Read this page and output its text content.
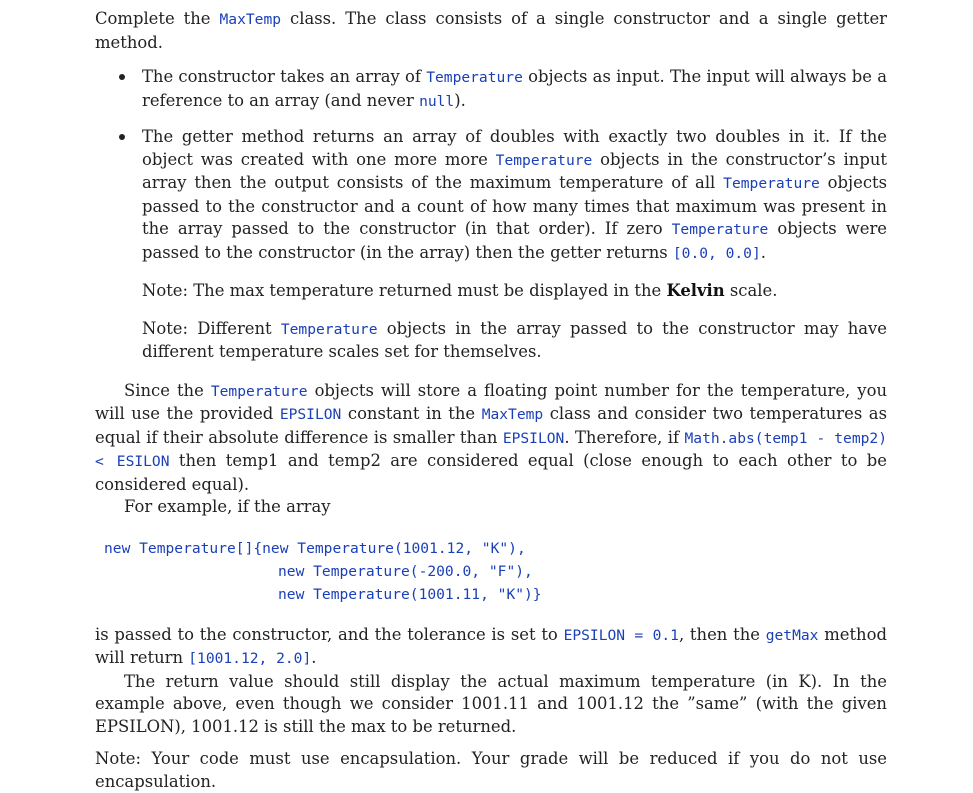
Complete the MaxTemp class. The class consists of a single constructor and a single getter method.

The constructor takes an array of Temperature objects as input. The input will always be a reference to an array (and never null).

The getter method returns an array of doubles with exactly two doubles in it. If the object was created with one more more Temperature objects in the constructor’s input array then the output consists of the maximum temperature of all Temperature objects passed to the constructor and a count of how many times that maximum was present in the array passed to the constructor (in that order). If zero Temperature objects were passed to the constructor (in the array) then the getter returns [0.0, 0.0].

Note: The max temperature returned must be displayed in the Kelvin scale.

Note: Different Temperature objects in the array passed to the constructor may have different temperature scales set for themselves.

Since the Temperature objects will store a floating point number for the temperature, you will use the provided EPSILON constant in the MaxTemp class and consider two temperatures as equal if their absolute difference is smaller than EPSILON. Therefore, if Math.abs(temp1 - temp2) < ESILON then temp1 and temp2 are considered equal (close enough to each other to be considered equal).

For example, if the array

new Temperature[]{new Temperature(1001.12, "K"),
new Temperature(-200.0, "F"),
new Temperature(1001.11, "K")}

is passed to the constructor, and the tolerance is set to EPSILON = 0.1, then the getMax method will return [1001.12, 2.0].

The return value should still display the actual maximum temperature (in K). In the example above, even though we consider 1001.11 and 1001.12 the ”same” (with the given EPSILON), 1001.12 is still the max to be returned.

Note: Your code must use encapsulation. Your grade will be reduced if you do not use encapsulation.
